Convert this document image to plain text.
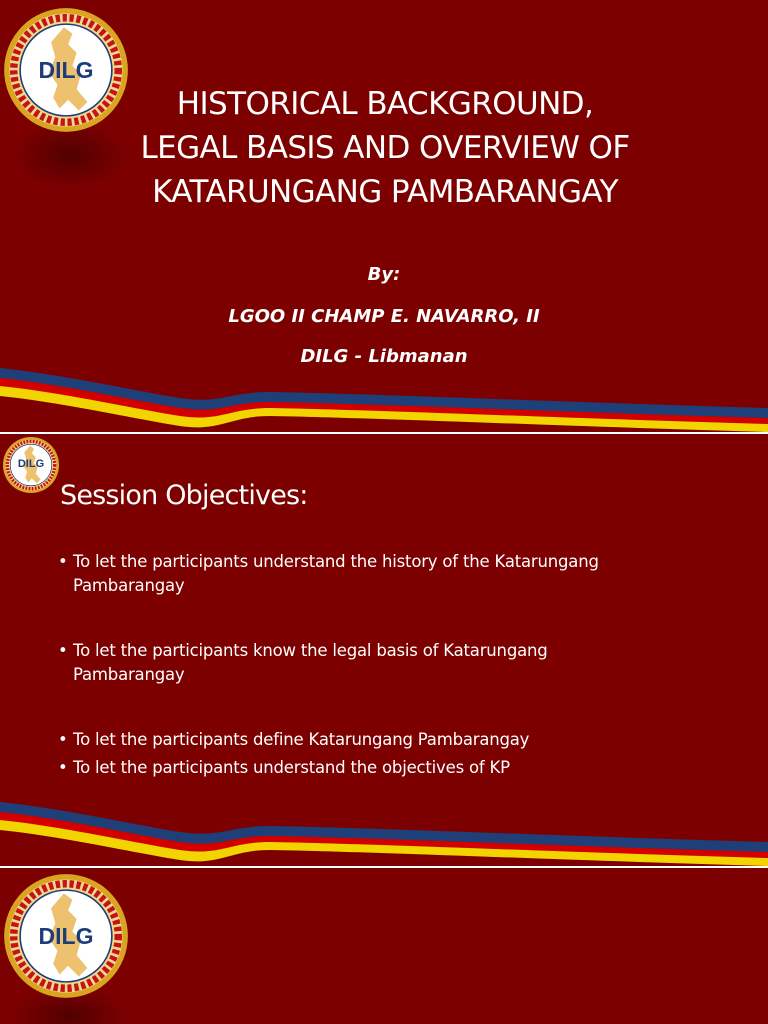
DILG
HISTORICAL BACKGROUND,
LEGAL BASIS AND OVERVIEW OF
KATARUNGANG PAMBARANGAY
By:
LGOO II CHAMP E. NAVARRO, II
DILG - Libmanan
DILG
Session Objectives:
• To let the participants understand the history of the Katarungang
Pambarangay
• To let the participants know the legal basis of Katarungang
Pambarangay
• To let the participants define Katarungang Pambarangay
• To let the participants understand the objectives of KP
DILG
